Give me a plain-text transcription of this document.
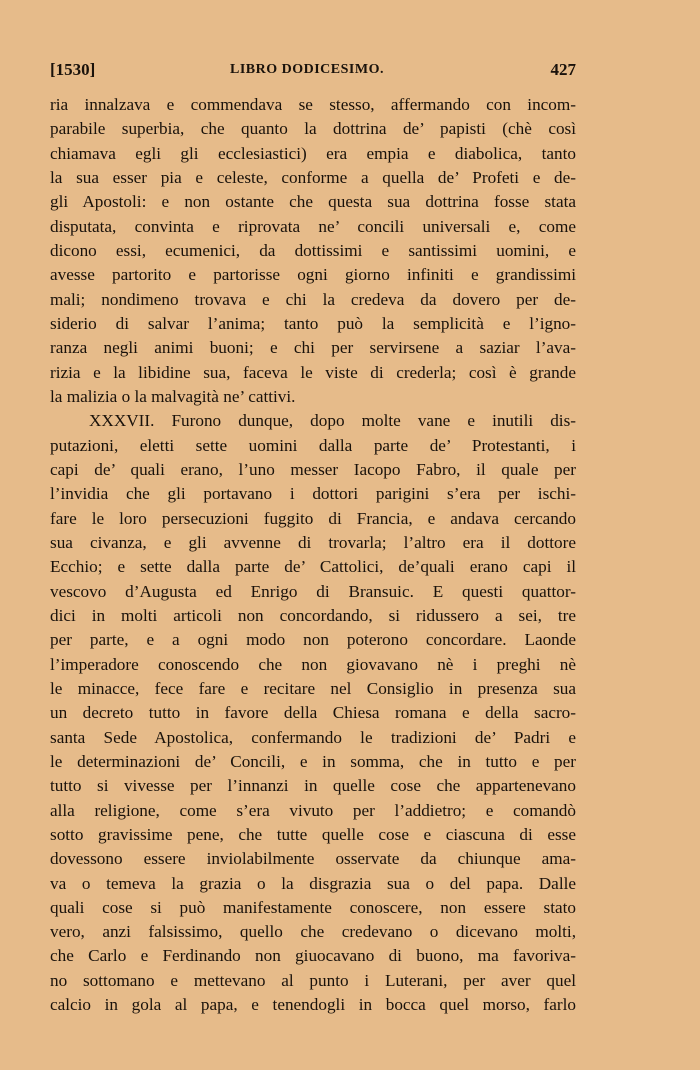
[1530]	LIBRO DODICESIMO.	427
ria innalzava e commendava se stesso, affermando con incom-
parabile superbia, che quanto la dottrina de’ papisti (chè così
chiamava egli gli ecclesiastici) era empia e diabolica, tanto
la sua esser pia e celeste, conforme a quella de’ Profeti e de-
gli Apostoli: e non ostante che questa sua dottrina fosse stata
disputata, convinta e riprovata ne’ concili universali e, come
dicono essi, ecumenici, da dottissimi e santissimi uomini, e
avesse partorito e partorisse ogni giorno infiniti e grandissimi
mali; nondimeno trovava e chi la credeva da dovero per de-
siderio di salvar l’anima; tanto può la semplicità e l’igno-
ranza negli animi buoni; e chi per servirsene a saziar l’ava-
rizia e la libidine sua, faceva le viste di crederla; così è grande
la malizia o la malvagità ne’ cattivi.
XXXVII. Furono dunque, dopo molte vane e inutili dis-
putazioni, eletti sette uomini dalla parte de’ Protestanti, i
capi de’ quali erano, l’uno messer Iacopo Fabro, il quale per
l’invidia che gli portavano i dottori parigini s’era per ischi-
fare le loro persecuzioni fuggito di Francia, e andava cercando
sua civanza, e gli avvenne di trovarla; l’altro era il dottore
Ecchio; e sette dalla parte de’ Cattolici, de’quali erano capi il
vescovo d’Augusta ed Enrigo di Bransuic. E questi quattor-
dici in molti articoli non concordando, si ridussero a sei, tre
per parte, e a ogni modo non poterono concordare. Laonde
l’imperadore conoscendo che non giovavano nè i preghi nè
le minacce, fece fare e recitare nel Consiglio in presenza sua
un decreto tutto in favore della Chiesa romana e della sacro-
santa Sede Apostolica, confermando le tradizioni de’ Padri e
le determinazioni de’ Concili, e in somma, che in tutto e per
tutto si vivesse per l’innanzi in quelle cose che appartenevano
alla religione, come s’era vivuto per l’addietro; e comandò
sotto gravissime pene, che tutte quelle cose e ciascuna di esse
dovessono essere inviolabilmente osservate da chiunque ama-
va o temeva la grazia o la disgrazia sua o del papa. Dalle
quali cose si può manifestamente conoscere, non essere stato
vero, anzi falsissimo, quello che credevano o dicevano molti,
che Carlo e Ferdinando non giuocavano di buono, ma favoriva-
no sottomano e mettevano al punto i Luterani, per aver quel
calcio in gola al papa, e tenendogli in bocca quel morso, farlo
